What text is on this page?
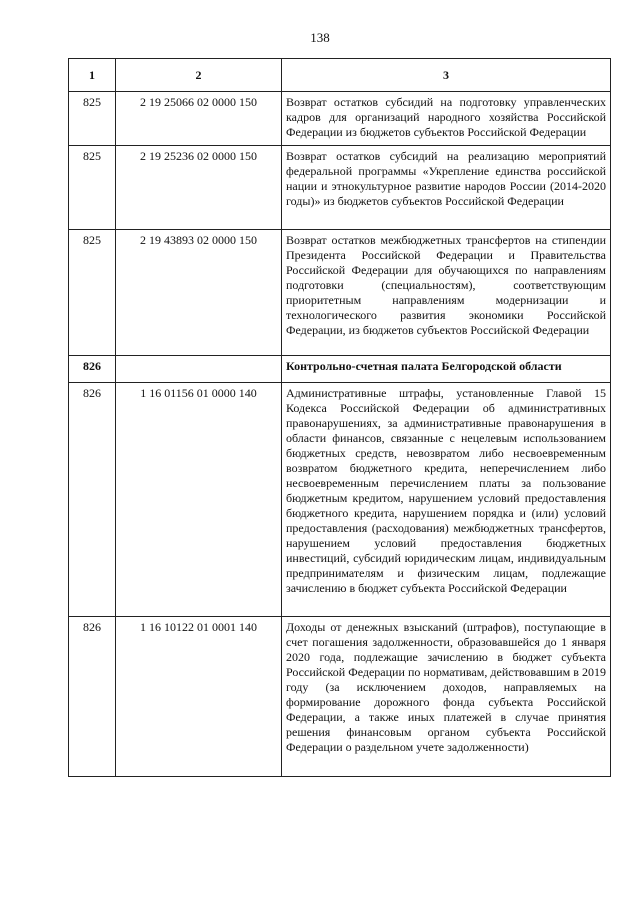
138
1	2	3
825	2 19 25066 02 0000 150	Возврат остатков субсидий на подготовку управленческих кадров для организаций народного хозяйства Российской Федерации из бюджетов субъектов Российской Федерации
825	2 19 25236 02 0000 150	Возврат остатков субсидий на реализацию мероприятий федеральной программы «Укрепление единства российской нации и этнокультурное развитие народов России (2014-2020 годы)» из бюджетов субъектов Российской Федерации
825	2 19 43893 02 0000 150	Возврат остатков межбюджетных трансфертов на стипендии Президента Российской Федерации и Правительства Российской Федерации для обучающихся по направлениям подготовки (специальностям), соответствующим приоритетным направлениям модернизации и технологического развития экономики Российской Федерации, из бюджетов субъектов Российской Федерации
826		Контрольно-счетная палата Белгородской области
826	1 16 01156 01 0000 140	Административные штрафы, установленные Главой 15 Кодекса Российской Федерации об административных правонарушениях, за административные правонарушения в области финансов, связанные с нецелевым использованием бюджетных средств, невозвратом либо несвоевременным возвратом бюджетного кредита, неперечислением либо несвоевременным перечислением платы за пользование бюджетным кредитом, нарушением условий предоставления бюджетного кредита, нарушением порядка и (или) условий предоставления (расходования) межбюджетных трансфертов, нарушением условий предоставления бюджетных инвестиций, субсидий юридическим лицам, индивидуальным предпринимателям и физическим лицам, подлежащие зачислению в бюджет субъекта Российской Федерации
826	1 16 10122 01 0001 140	Доходы от денежных взысканий (штрафов), поступающие в счет погашения задолженности, образовавшейся до 1 января 2020 года, подлежащие зачислению в бюджет субъекта Российской Федерации по нормативам, действовавшим в 2019 году (за исключением доходов, направляемых на формирование дорожного фонда субъекта Российской Федерации, а также иных платежей в случае принятия решения финансовым органом субъекта Российской Федерации о раздельном учете задолженности)
